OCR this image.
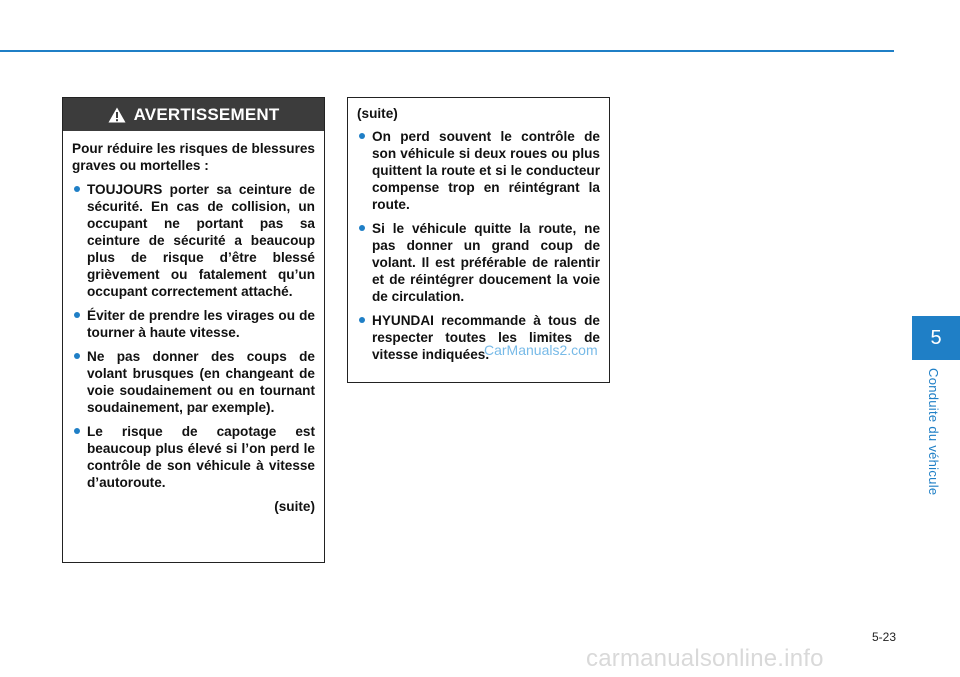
AVERTISSEMENT

Pour réduire les risques de blessures graves ou mortelles :

TOUJOURS porter sa ceinture de sécurité. En cas de collision, un occupant ne portant pas sa ceinture de sécurité a beaucoup plus de risque d’être blessé grièvement ou fatalement qu’un occupant correctement attaché.
Éviter de prendre les virages ou de tourner à haute vitesse.
Ne pas donner des coups de volant brusques (en changeant de voie soudainement ou en tournant soudainement, par exemple).
Le risque de capotage est beaucoup plus élevé si l’on perd le contrôle de son véhicule à vitesse d’autoroute.
(suite)

(suite)

On perd souvent le contrôle de son véhicule si deux roues ou plus quittent la route et si le conducteur compense trop en réintégrant la route.
Si le véhicule quitte la route, ne pas donner un grand coup de volant. Il est préférable de ralentir et de réintégrer doucement la voie de circulation.
HYUNDAI recommande à tous de respecter toutes les limites de vitesse indiquées.
CarManuals2.com
5
Conduite du véhicule
5-23
carmanualsonline.info
